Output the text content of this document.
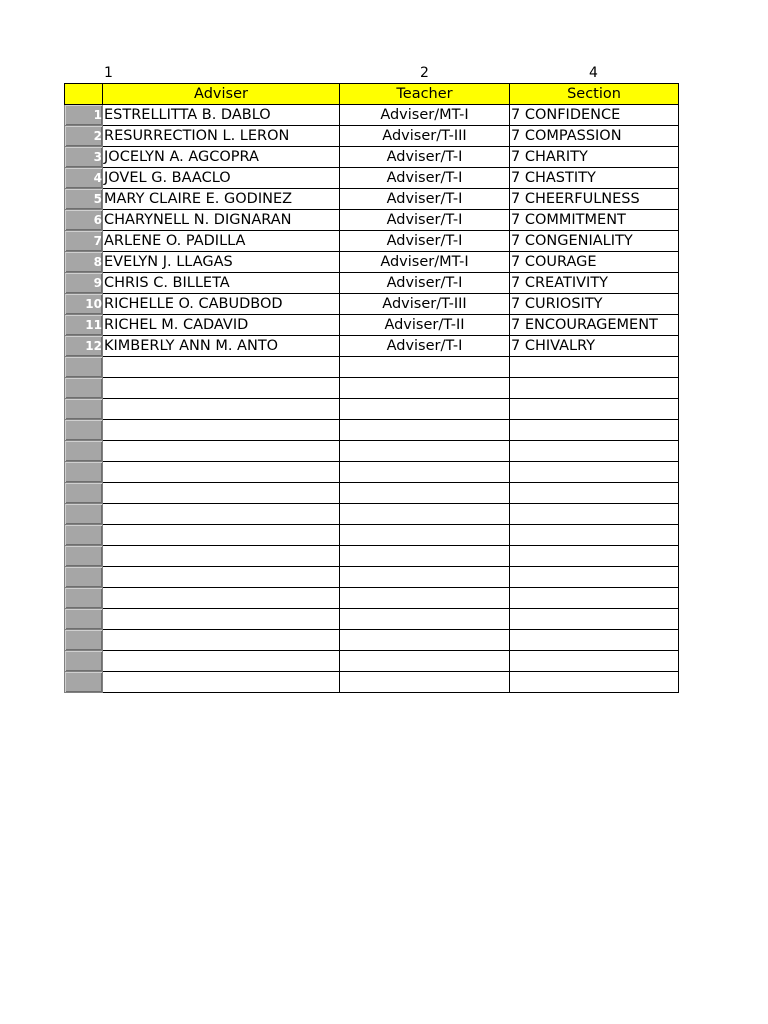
1	2	4
	Adviser	Teacher	Section
1	ESTRELLITTA B. DABLO	Adviser/MT-I	7 CONFIDENCE
2	RESURRECTION L. LERON	Adviser/T-III	7 COMPASSION
3	JOCELYN A. AGCOPRA	Adviser/T-I	7 CHARITY
4	JOVEL G. BAACLO	Adviser/T-I	7 CHASTITY
5	MARY CLAIRE E. GODINEZ	Adviser/T-I	7 CHEERFULNESS
6	CHARYNELL N. DIGNARAN	Adviser/T-I	7 COMMITMENT
7	ARLENE O. PADILLA	Adviser/T-I	7 CONGENIALITY
8	EVELYN J. LLAGAS	Adviser/MT-I	7 COURAGE
9	CHRIS C. BILLETA	Adviser/T-I	7 CREATIVITY
10	RICHELLE O. CABUDBOD	Adviser/T-III	7 CURIOSITY
11	RICHEL M. CADAVID	Adviser/T-II	7 ENCOURAGEMENT
12	KIMBERLY ANN M. ANTO	Adviser/T-I	7 CHIVALRY
